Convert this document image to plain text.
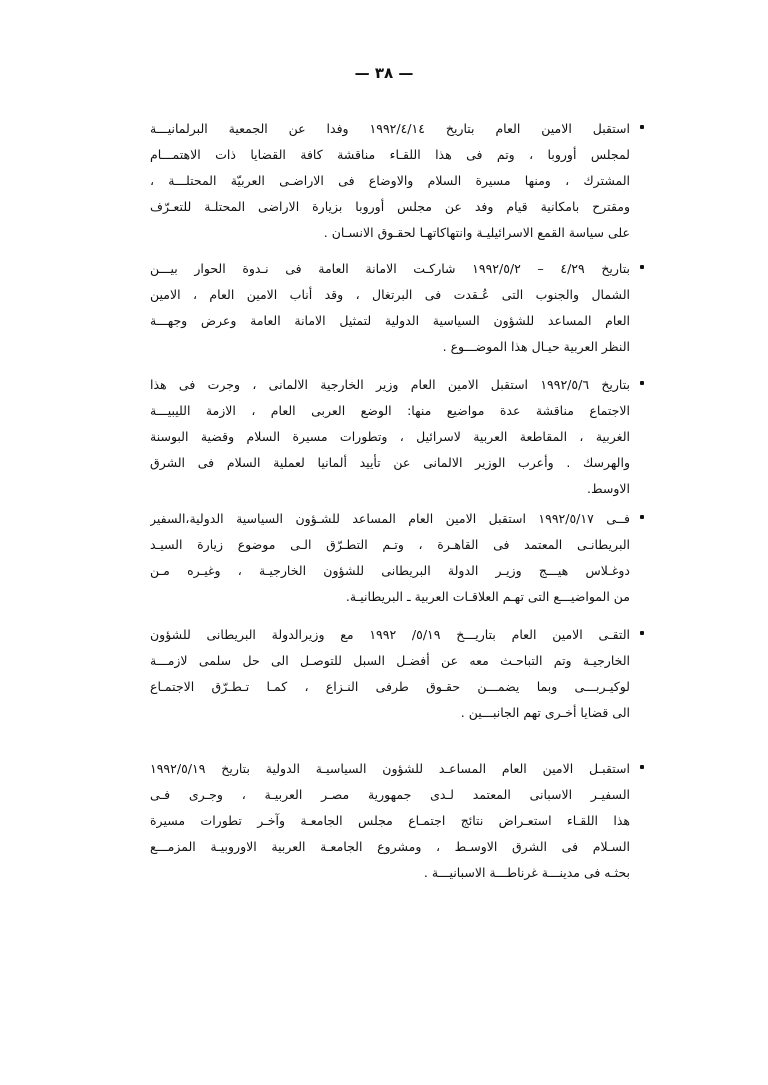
— ٣٨ —
استقبل الامين العام بتاريخ ١٩٩٢/٤/١٤ وفدا عن الجمعية البرلمانيـــة
لمجلس أوروبا ، وتم فى هذا اللقـاء مناقشة كافة القضايا ذات الاهتمـــام
المشترك ، ومنها مسيرة السلام والاوضاع فى الاراضـى العربيّة المحتلـــة ،
ومقترح بامكانية قيام وفد عن مجلس أوروبا بزيارة الاراضى المحتلـة للتعـرّف
على سياسة القمع الاسرائيليـة وانتهاكاتهـا لحقـوق الانسـان .
بتاريخ ٤/٢٩ – ١٩٩٢/٥/٢ شاركـت الامانة العامة فى نـدوة الحوار بيـــن
الشمال والجنوب التى عُـقدت فى البرتغال ، وقد أناب الامين العام ، الامين
العام المساعد للشؤون السياسية الدولية لتمثيل الامانة العامة وعرض وجهـــة
النظر العربية حيـال هذا الموضـــوع .
بتاريخ ١٩٩٢/٥/٦ استقبل الامين العام وزير الخارجية الالمانى ، وجرت فى هذا
الاجتماع مناقشة عدة مواضيع منها: الوضع العربى العام ، الازمة الليبيـــة
الغربية ، المقاطعة العربية لاسرائيل ، وتطورات مسيرة السلام وقضية البوسنة
والهرسك . وأعرب الوزير الالمانى عن تأييد ألمانيا لعملية السلام فى الشرق
الاوسط.
فــى ١٩٩٢/٥/١٧ استقبل الامين العام المساعد للشـؤون السياسية الدولية،السفير
البريطانـى المعتمد فى القاهـرة ، وتـم التطـرّق الـى موضوع زيارة السيـد
دوغـلاس هيـــج وزيـر الدولة البريطانى للشؤون الخارجيـة ، وغيـره مـن
من المواضيـــع التى تهـم العلاقـات العربية ـ البريطانيـة.
التقـى الامين العام بتاريـــخ ٥/١٩/ ١٩٩٢ مع وزيرالدولة البريطانى للشؤون
الخارجيـة وتم التباحـث معه عن أفضـل السبل للتوصـل الى حل سلمى لازمـــة
لوكيـربـــى وبما يضمـــن حقـوق طرفى النـزاع ، كمـا تـطـرّق الاجتمـاع
الى قضايا أخـرى تهم الجانبـــين .
استقبـل الامين العام المساعـد للشؤون السياسيـة الدولية بتاريخ ١٩٩٢/٥/١٩
السفيـر الاسبانى المعتمد لـدى جمهورية مصـر العربيـة ، وجـرى فـى
هذا اللقـاء استعـراض نتائج اجتمـاع مجلس الجامعـة وآخـر تطورات مسيرة
السـلام فى الشرق الاوسـط ، ومشروع الجامعـة العربية الاوروبيـة المزمـــع
بحثـه فى مدينـــة غرناطـــة الاسبانيـــة .
